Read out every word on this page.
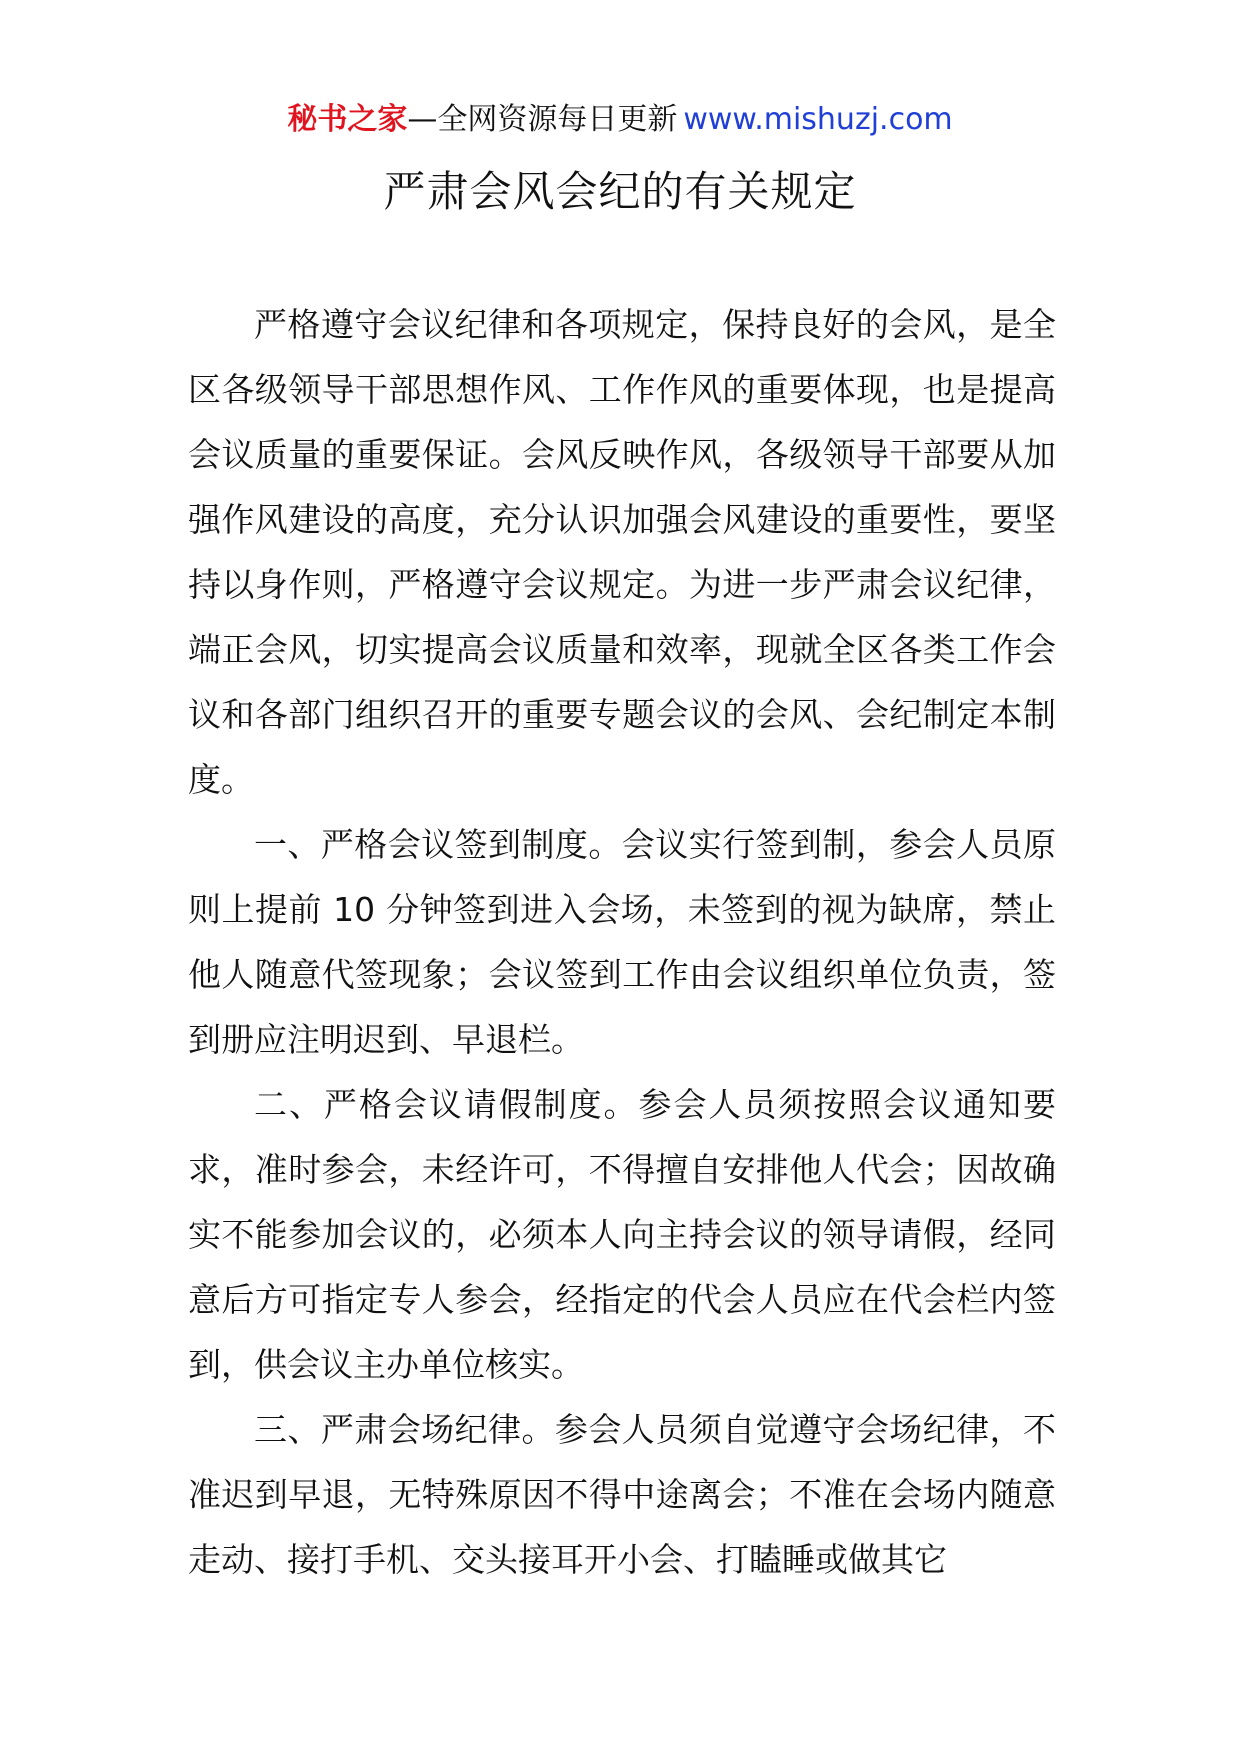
秘书之家—全网资源每日更新 www.mishuzj.com
严肃会风会纪的有关规定

严格遵守会议纪律和各项规定，保持良好的会风，是全区各级领导干部思想作风、工作作风的重要体现，也是提高会议质量的重要保证。会风反映作风，各级领导干部要从加强作风建设的高度，充分认识加强会风建设的重要性，要坚持以身作则，严格遵守会议规定。为进一步严肃会议纪律，端正会风，切实提高会议质量和效率，现就全区各类工作会议和各部门组织召开的重要专题会议的会风、会纪制定本制度。

一、严格会议签到制度。会议实行签到制，参会人员原则上提前 10 分钟签到进入会场，未签到的视为缺席，禁止他人随意代签现象；会议签到工作由会议组织单位负责，签到册应注明迟到、早退栏。

二、严格会议请假制度。参会人员须按照会议通知要求，准时参会，未经许可，不得擅自安排他人代会；因故确实不能参加会议的，必须本人向主持会议的领导请假，经同意后方可指定专人参会，经指定的代会人员应在代会栏内签到，供会议主办单位核实。

三、严肃会场纪律。参会人员须自觉遵守会场纪律，不准迟到早退，无特殊原因不得中途离会；不准在会场内随意走动、接打手机、交头接耳开小会、打瞌睡或做其它
